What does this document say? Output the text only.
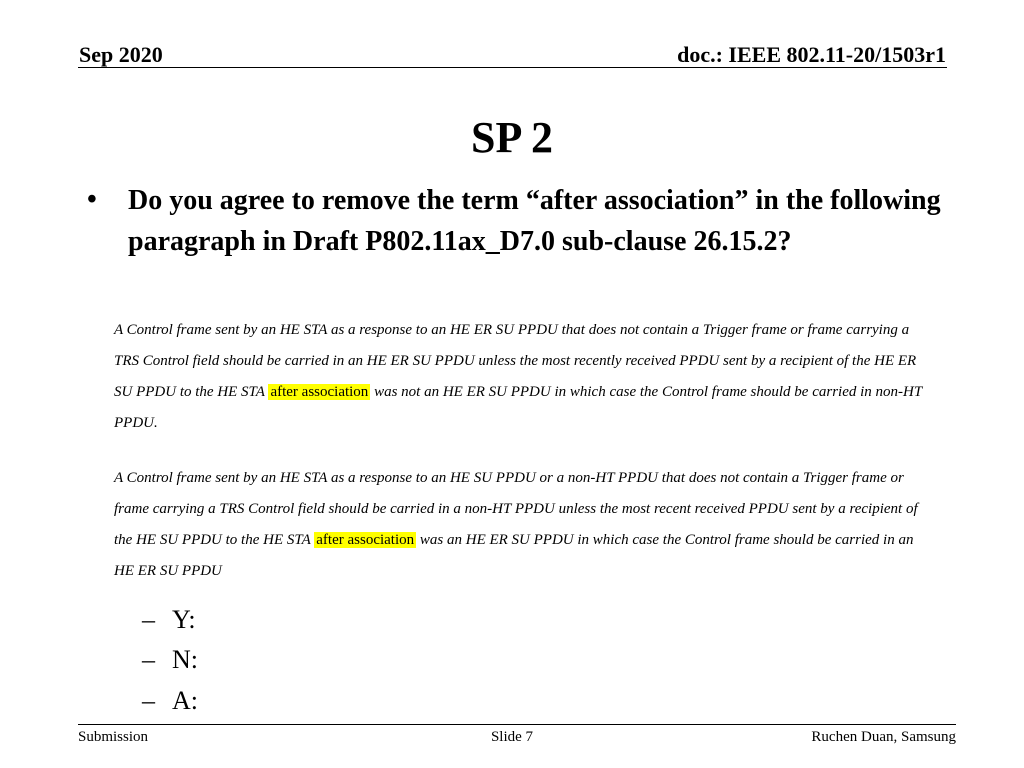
Sep 2020	doc.: IEEE 802.11-20/1503r1
SP 2
• Do you agree to remove the term “after association” in the following paragraph in Draft P802.11ax_D7.0 sub-clause 26.15.2?

A Control frame sent by an HE STA as a response to an HE ER SU PPDU that does not contain a Trigger frame or frame carrying a TRS Control field should be carried in an HE ER SU PPDU unless the most recently received PPDU sent by a recipient of the HE ER SU PPDU to the HE STA after association was not an HE ER SU PPDU in which case the Control frame should be carried in non-HT PPDU.

A Control frame sent by an HE STA as a response to an HE SU PPDU or a non-HT PPDU that does not contain a Trigger frame or frame carrying a TRS Control field should be carried in a non-HT PPDU unless the most recent received PPDU sent by a recipient of the HE SU PPDU to the HE STA after association was an HE ER SU PPDU in which case the Control frame should be carried in an HE ER SU PPDU

– Y:
– N:
– A:
Submission	Slide 7	Ruchen Duan, Samsung
